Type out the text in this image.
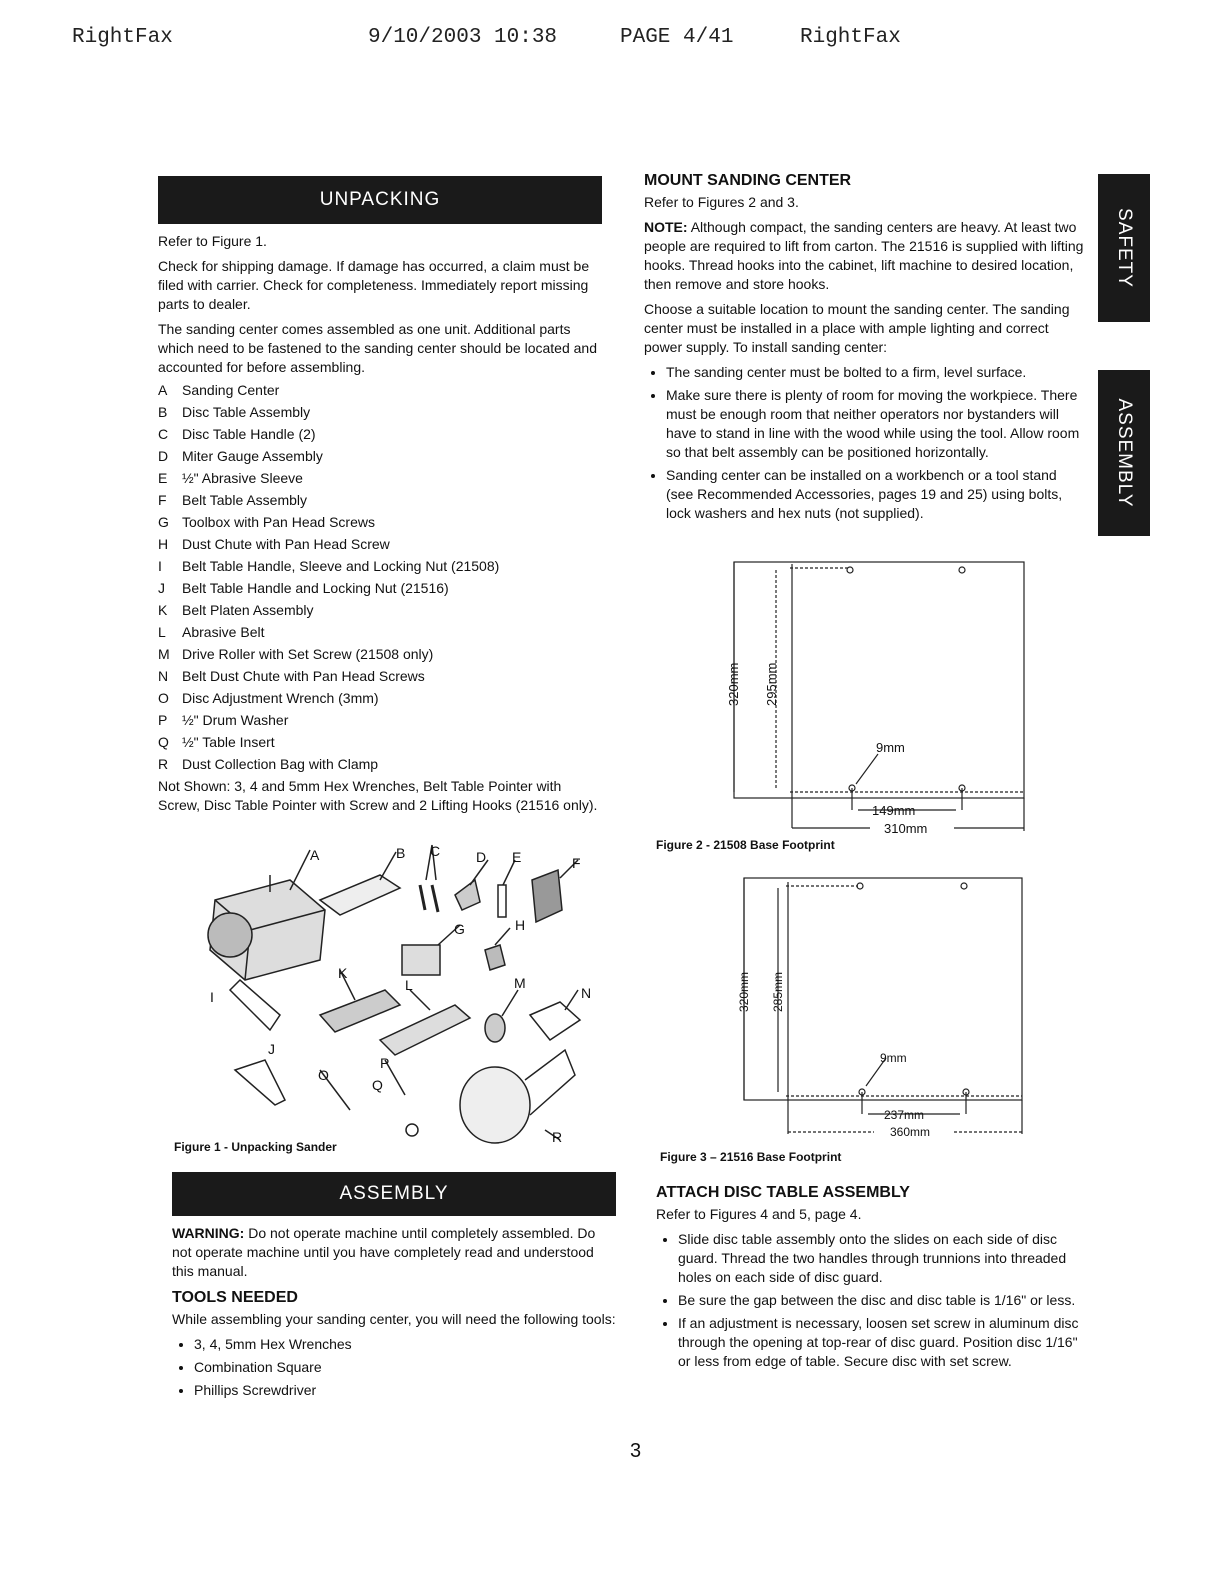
RightFax	9/10/2003 10:38	PAGE 4/41	RightFax
SAFETY
ASSEMBLY
UNPACKING

Refer to Figure 1.

Check for shipping damage. If damage has occurred, a claim must be filed with carrier. Check for completeness. Immediately report missing parts to dealer.

The sanding center comes assembled as one unit. Additional parts which need to be fastened to the sanding center should be located and accounted for before assembling.

A Sanding Center
B Disc Table Assembly
C Disc Table Handle (2)
D Miter Gauge Assembly
E ½" Abrasive Sleeve
F Belt Table Assembly
G Toolbox with Pan Head Screws
H Dust Chute with Pan Head Screw
I Belt Table Handle, Sleeve and Locking Nut (21508)
J Belt Table Handle and Locking Nut (21516)
K Belt Platen Assembly
L Abrasive Belt
M Drive Roller with Set Screw (21508 only)
N Belt Dust Chute with Pan Head Screws
O Disc Adjustment Wrench (3mm)
P ½" Drum Washer
Q ½" Table Insert
R Dust Collection Bag with Clamp

Not Shown: 3, 4 and 5mm Hex Wrenches, Belt Table Pointer with Screw, Disc Table Pointer with Screw and 2 Lifting Hooks (21516 only).

A	B C	D E	F
G	H
I
K
L	M
N
J
O
P
Q
R
Figure 1 - Unpacking Sander
ASSEMBLY

WARNING: Do not operate machine until completely assembled. Do not operate machine until you have completely read and understood this manual.

TOOLS NEEDED

While assembling your sanding center, you will need the following tools:

• 3, 4, 5mm Hex Wrenches
• Combination Square
• Phillips Screwdriver
MOUNT SANDING CENTER

Refer to Figures 2 and 3.

NOTE: Although compact, the sanding centers are heavy. At least two people are required to lift from carton. The 21516 is supplied with lifting hooks. Thread hooks into the cabinet, lift machine to desired location, then remove and store hooks.

Choose a suitable location to mount the sanding center. The sanding center must be installed in a place with ample lighting and correct power supply. To install sanding center:

• The sanding center must be bolted to a firm, level surface.
• Make sure there is plenty of room for moving the workpiece. There must be enough room that neither operators nor bystanders will have to stand in line with the wood while using the tool. Allow room so that belt assembly can be positioned horizontally.
• Sanding center can be installed on a workbench or a tool stand (see Recommended Accessories, pages 19 and 25) using bolts, lock washers and hex nuts (not supplied).
320mm 295mm
9mm
149mm
310mm
Figure 2 - 21508 Base Footprint
320mm 285mm
9mm
237mm
360mm
Figure 3 – 21516 Base Footprint
ATTACH DISC TABLE ASSEMBLY

Refer to Figures 4 and 5, page 4.

• Slide disc table assembly onto the slides on each side of disc guard. Thread the two handles through trunnions into threaded holes on each side of disc guard.
• Be sure the gap between the disc and disc table is 1/16" or less.
• If an adjustment is necessary, loosen set screw in aluminum disc through the opening at top-rear of disc guard. Position disc 1/16" or less from edge of table. Secure disc with set screw.
3
